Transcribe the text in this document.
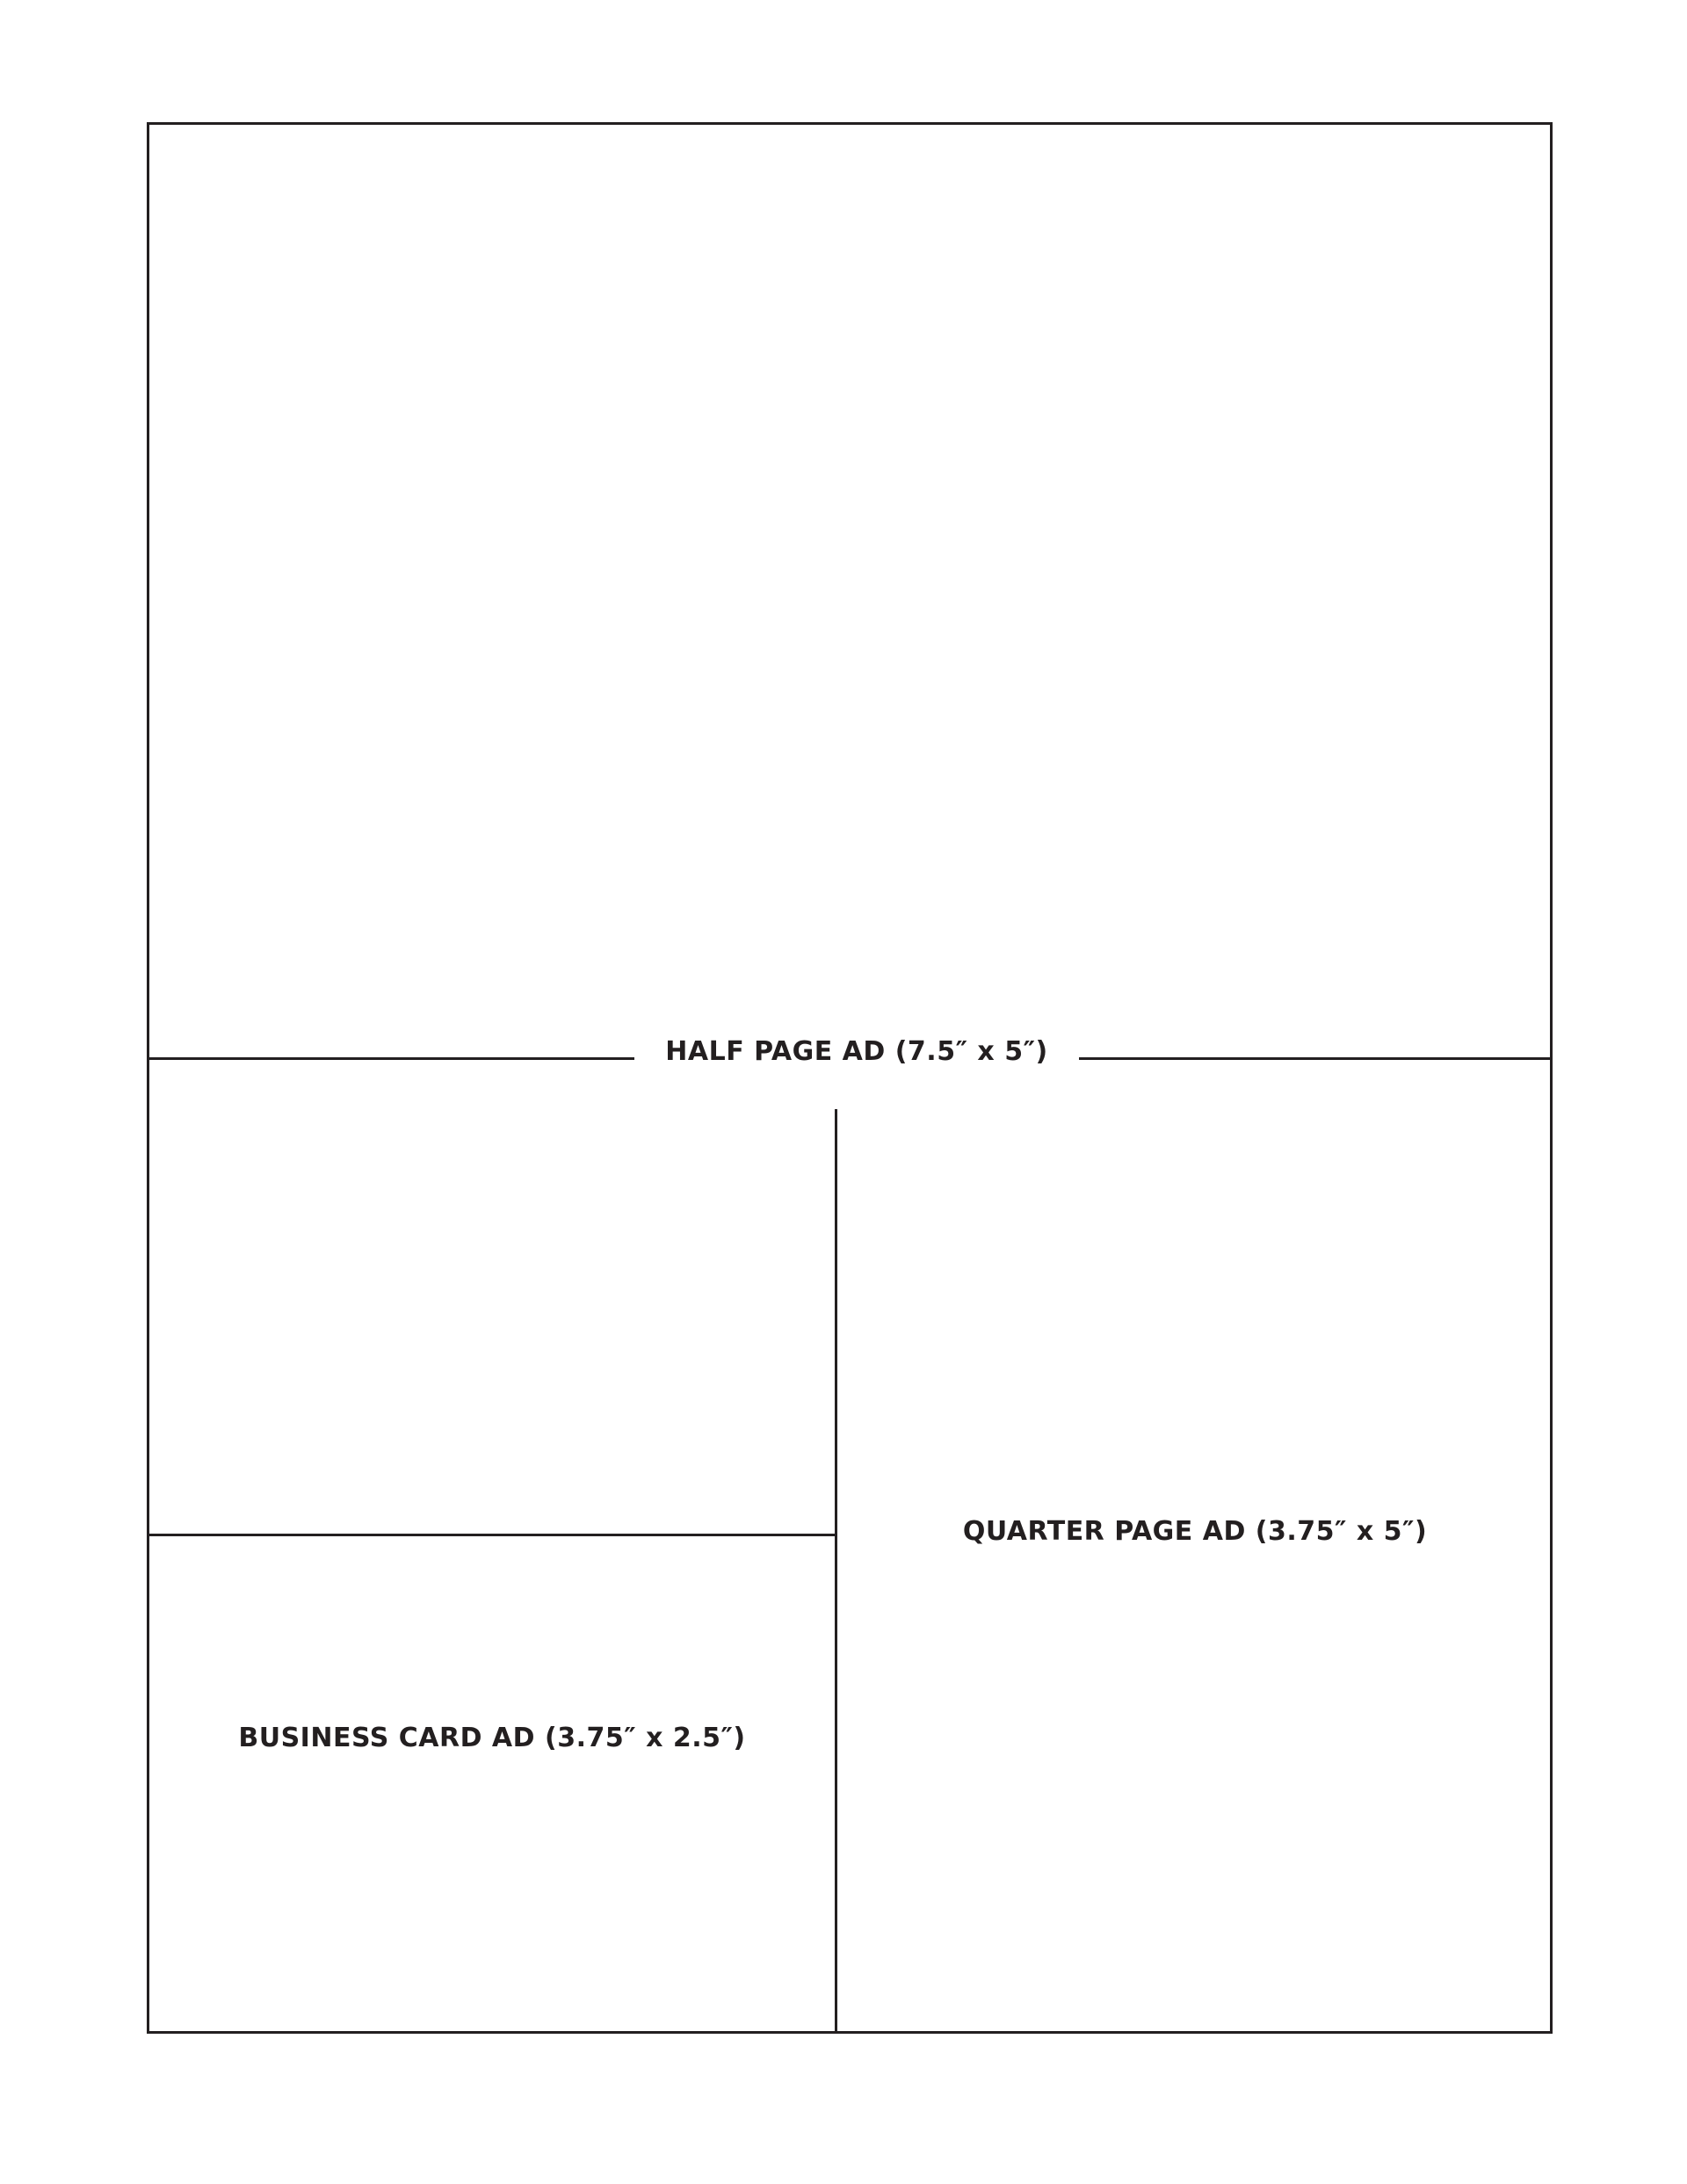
HALF PAGE AD (7.5″ x 5″)
QUARTER PAGE AD (3.75″ x 5″)
BUSINESS CARD AD (3.75″ x 2.5″)
